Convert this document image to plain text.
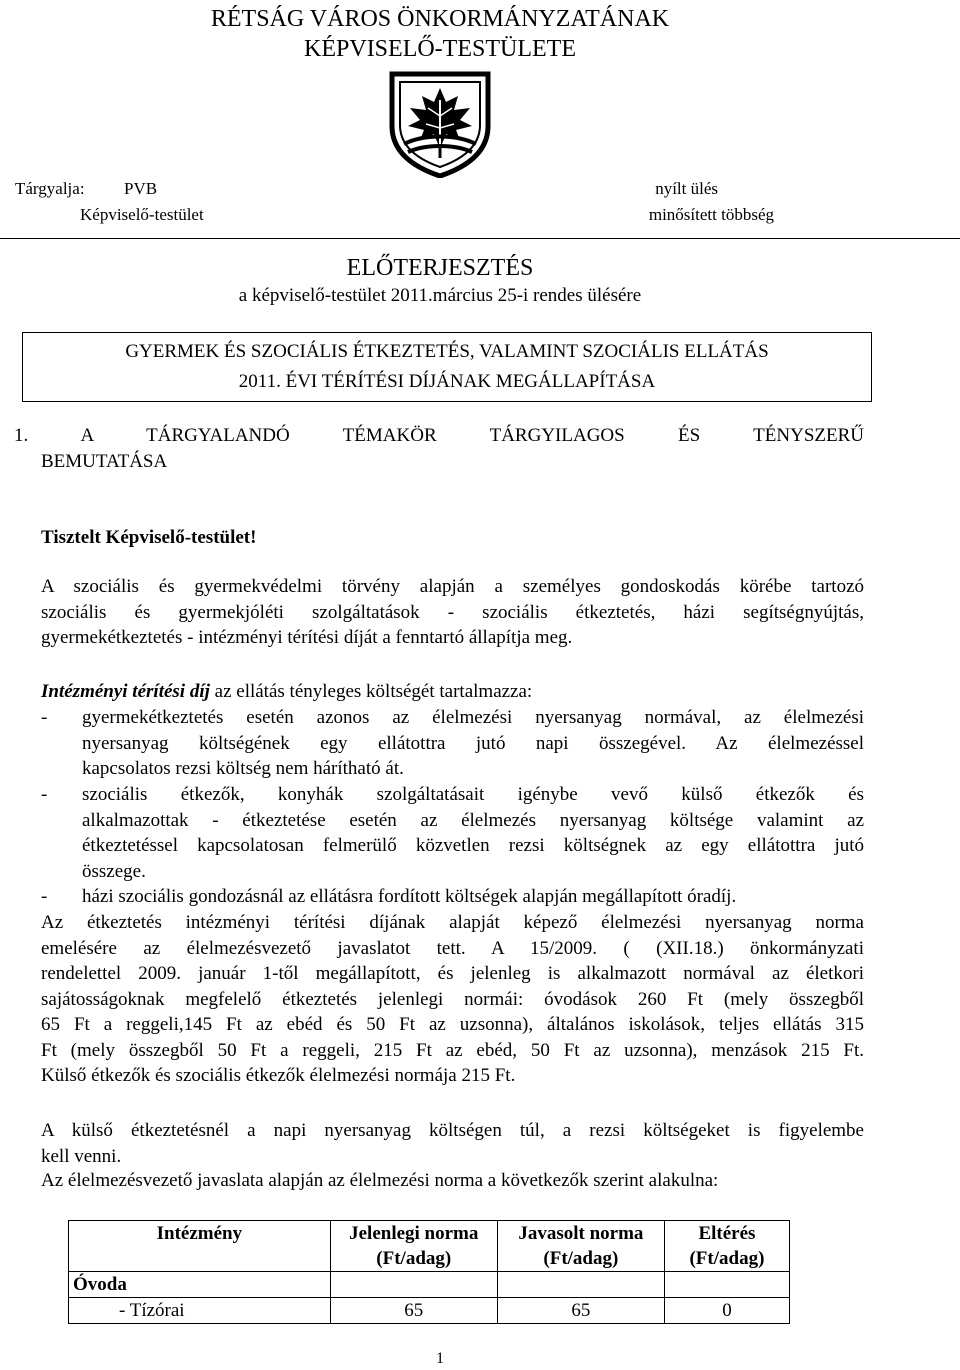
RÉTSÁG VÁROS ÖNKORMÁNYZATÁNAK
KÉPVISELŐ-TESTÜLETE
Tárgyalja: PVB
Képviselő-testület
nyílt ülés
minősített többség
ELŐTERJESZTÉS
a képviselő-testület 2011.március 25-i rendes ülésére
GYERMEK ÉS SZOCIÁLIS ÉTKEZTETÉS, VALAMINT SZOCIÁLIS ELLÁTÁS
2011. ÉVI TÉRÍTÉSI DÍJÁNAK MEGÁLLAPÍTÁSA
1. A TÁRGYALANDÓ TÉMAKÖR TÁRGYILAGOS ÉS TÉNYSZERŰ
BEMUTATÁSA
Tisztelt Képviselő-testület!
A szociális és gyermekvédelmi törvény alapján a személyes gondoskodás körébe tartozó
szociális és gyermekjóléti szolgáltatások - szociális étkeztetés, házi segítségnyújtás,
gyermekétkeztetés - intézményi térítési díját a fenntartó állapítja meg.
Intézményi térítési díj az ellátás tényleges költségét tartalmazza:
- gyermekétkeztetés esetén azonos az élelmezési nyersanyag normával, az élelmezési
nyersanyag költségének egy ellátottra jutó napi összegével. Az élelmezéssel
kapcsolatos rezsi költség nem hárítható át.
- szociális étkezők, konyhák szolgáltatásait igénybe vevő külső étkezők és
alkalmazottak - étkeztetése esetén az élelmezés nyersanyag költsége valamint az
étkeztetéssel kapcsolatosan felmerülő közvetlen rezsi költségnek az egy ellátottra jutó
összege.
- házi szociális gondozásnál az ellátásra fordított költségek alapján megállapított óradíj.
Az étkeztetés intézményi térítési díjának alapját képező élelmezési nyersanyag norma
emelésére az élelmezésvezető javaslatot tett. A 15/2009. ( (XII.18.) önkormányzati
rendelettel 2009. január 1-től megállapított, és jelenleg is alkalmazott normával az életkori
sajátosságoknak megfelelő étkeztetés jelenlegi normái: óvodások 260 Ft (mely összegből
65 Ft a reggeli,145 Ft az ebéd és 50 Ft az uzsonna), általános iskolások, teljes ellátás 315
Ft (mely összegből 50 Ft a reggeli, 215 Ft az ebéd, 50 Ft az uzsonna), menzások 215 Ft.
Külső étkezők és szociális étkezők élelmezési normája 215 Ft.
A külső étkeztetésnél a napi nyersanyag költségen túl, a rezsi költségeket is figyelembe
kell venni.
Az élelmezésvezető javaslata alapján az élelmezési norma a következők szerint alakulna:
Intézmény	Jelenlegi norma (Ft/adag)	Javasolt norma (Ft/adag)	Eltérés (Ft/adag)
Óvoda			
- Tízórai	65	65	0
1
